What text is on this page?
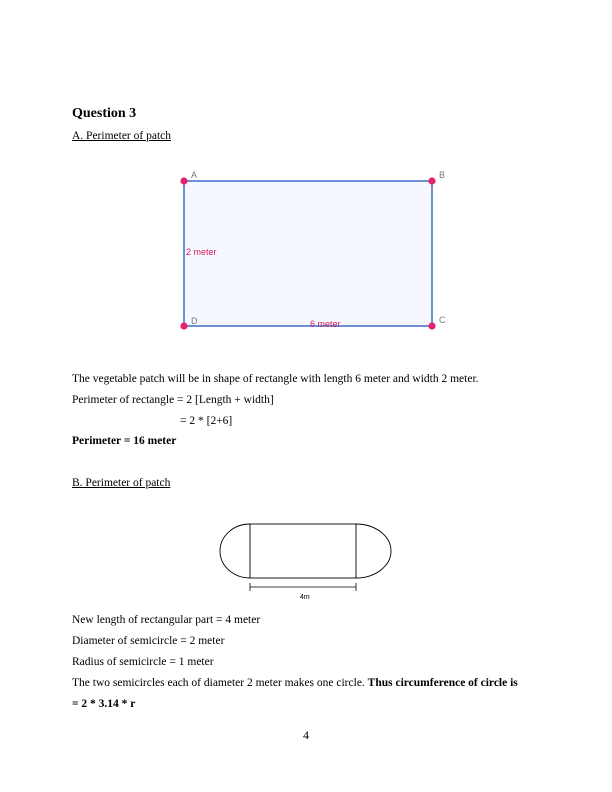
Question 3
A. Perimeter of patch
A	B
C
D
2 meter
6 meter
The vegetable patch will be in shape of rectangle with length 6 meter and width 2 meter.
Perimeter of rectangle = 2 [Length + width]
= 2 * [2+6]
Perimeter = 16 meter
B. Perimeter of patch
4m
New length of rectangular part = 4 meter
Diameter of semicircle = 2 meter
Radius of semicircle = 1 meter
The two semicircles each of diameter 2 meter makes one circle. Thus circumference of circle is
= 2 * 3.14 * r
4
